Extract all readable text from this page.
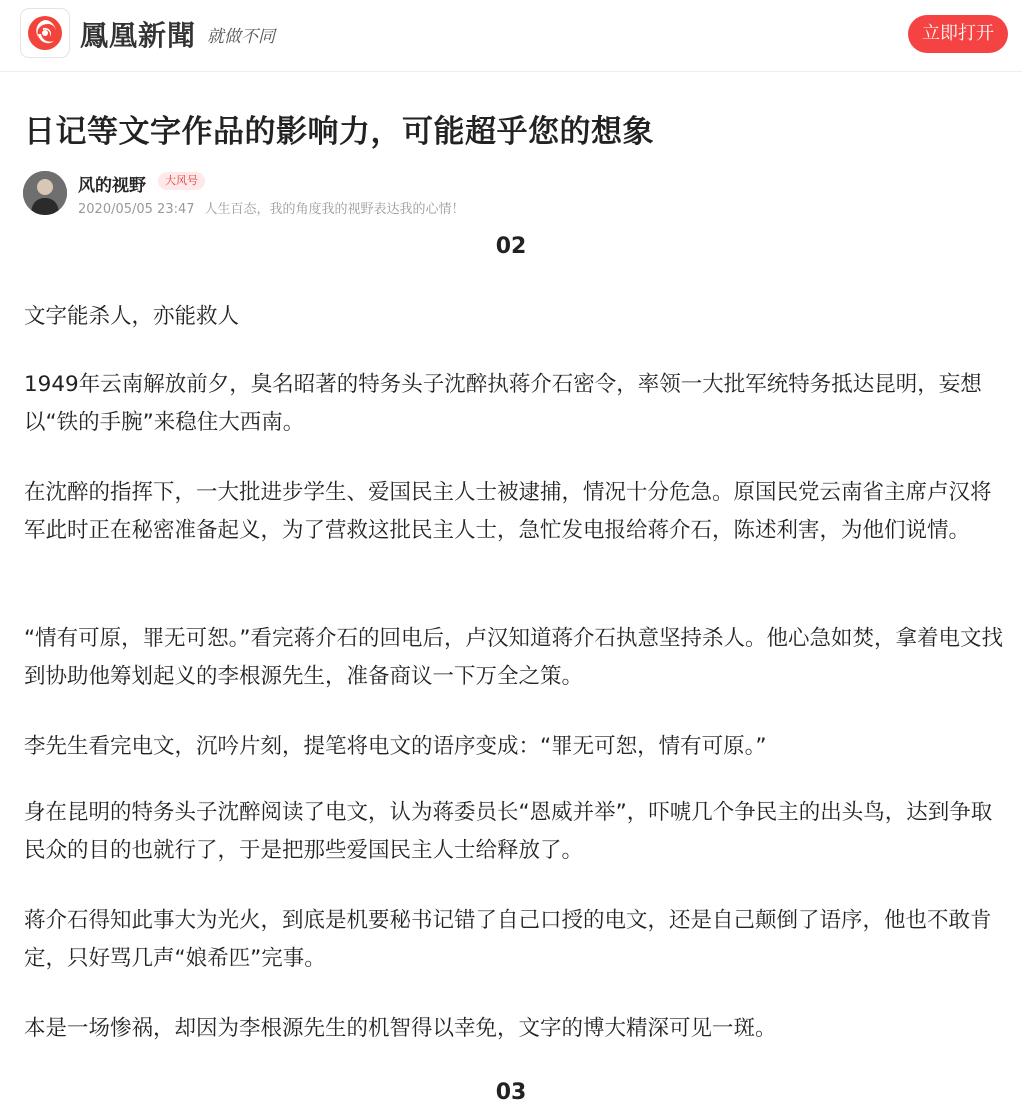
鳳凰新聞 就做不同	立即打开
日记等文字作品的影响力，可能超乎您的想象
风的视野	大风号
2020/05/05 23:47 人生百态，我的角度我的视野表达我的心情！
02

文字能杀人，亦能救人

1949年云南解放前夕，臭名昭著的特务头子沈醉执蒋介石密令，率领一大批军统特务抵达昆明，妄想以“铁的手腕”来稳住大西南。

在沈醉的指挥下，一大批进步学生、爱国民主人士被逮捕，情况十分危急。原国民党云南省主席卢汉将军此时正在秘密准备起义，为了营救这批民主人士，急忙发电报给蒋介石，陈述利害，为他们说情。

“情有可原，罪无可恕。”看完蒋介石的回电后，卢汉知道蒋介石执意坚持杀人。他心急如焚，拿着电文找到协助他筹划起义的李根源先生，准备商议一下万全之策。

李先生看完电文，沉吟片刻，提笔将电文的语序变成：“罪无可恕，情有可原。”

身在昆明的特务头子沈醉阅读了电文，认为蒋委员长“恩威并举”，吓唬几个争民主的出头鸟，达到争取民众的目的也就行了，于是把那些爱国民主人士给释放了。

蒋介石得知此事大为光火，到底是机要秘书记错了自己口授的电文，还是自己颠倒了语序，他也不敢肯定，只好骂几声“娘希匹”完事。

本是一场惨祸，却因为李根源先生的机智得以幸免，文字的博大精深可见一斑。

03
